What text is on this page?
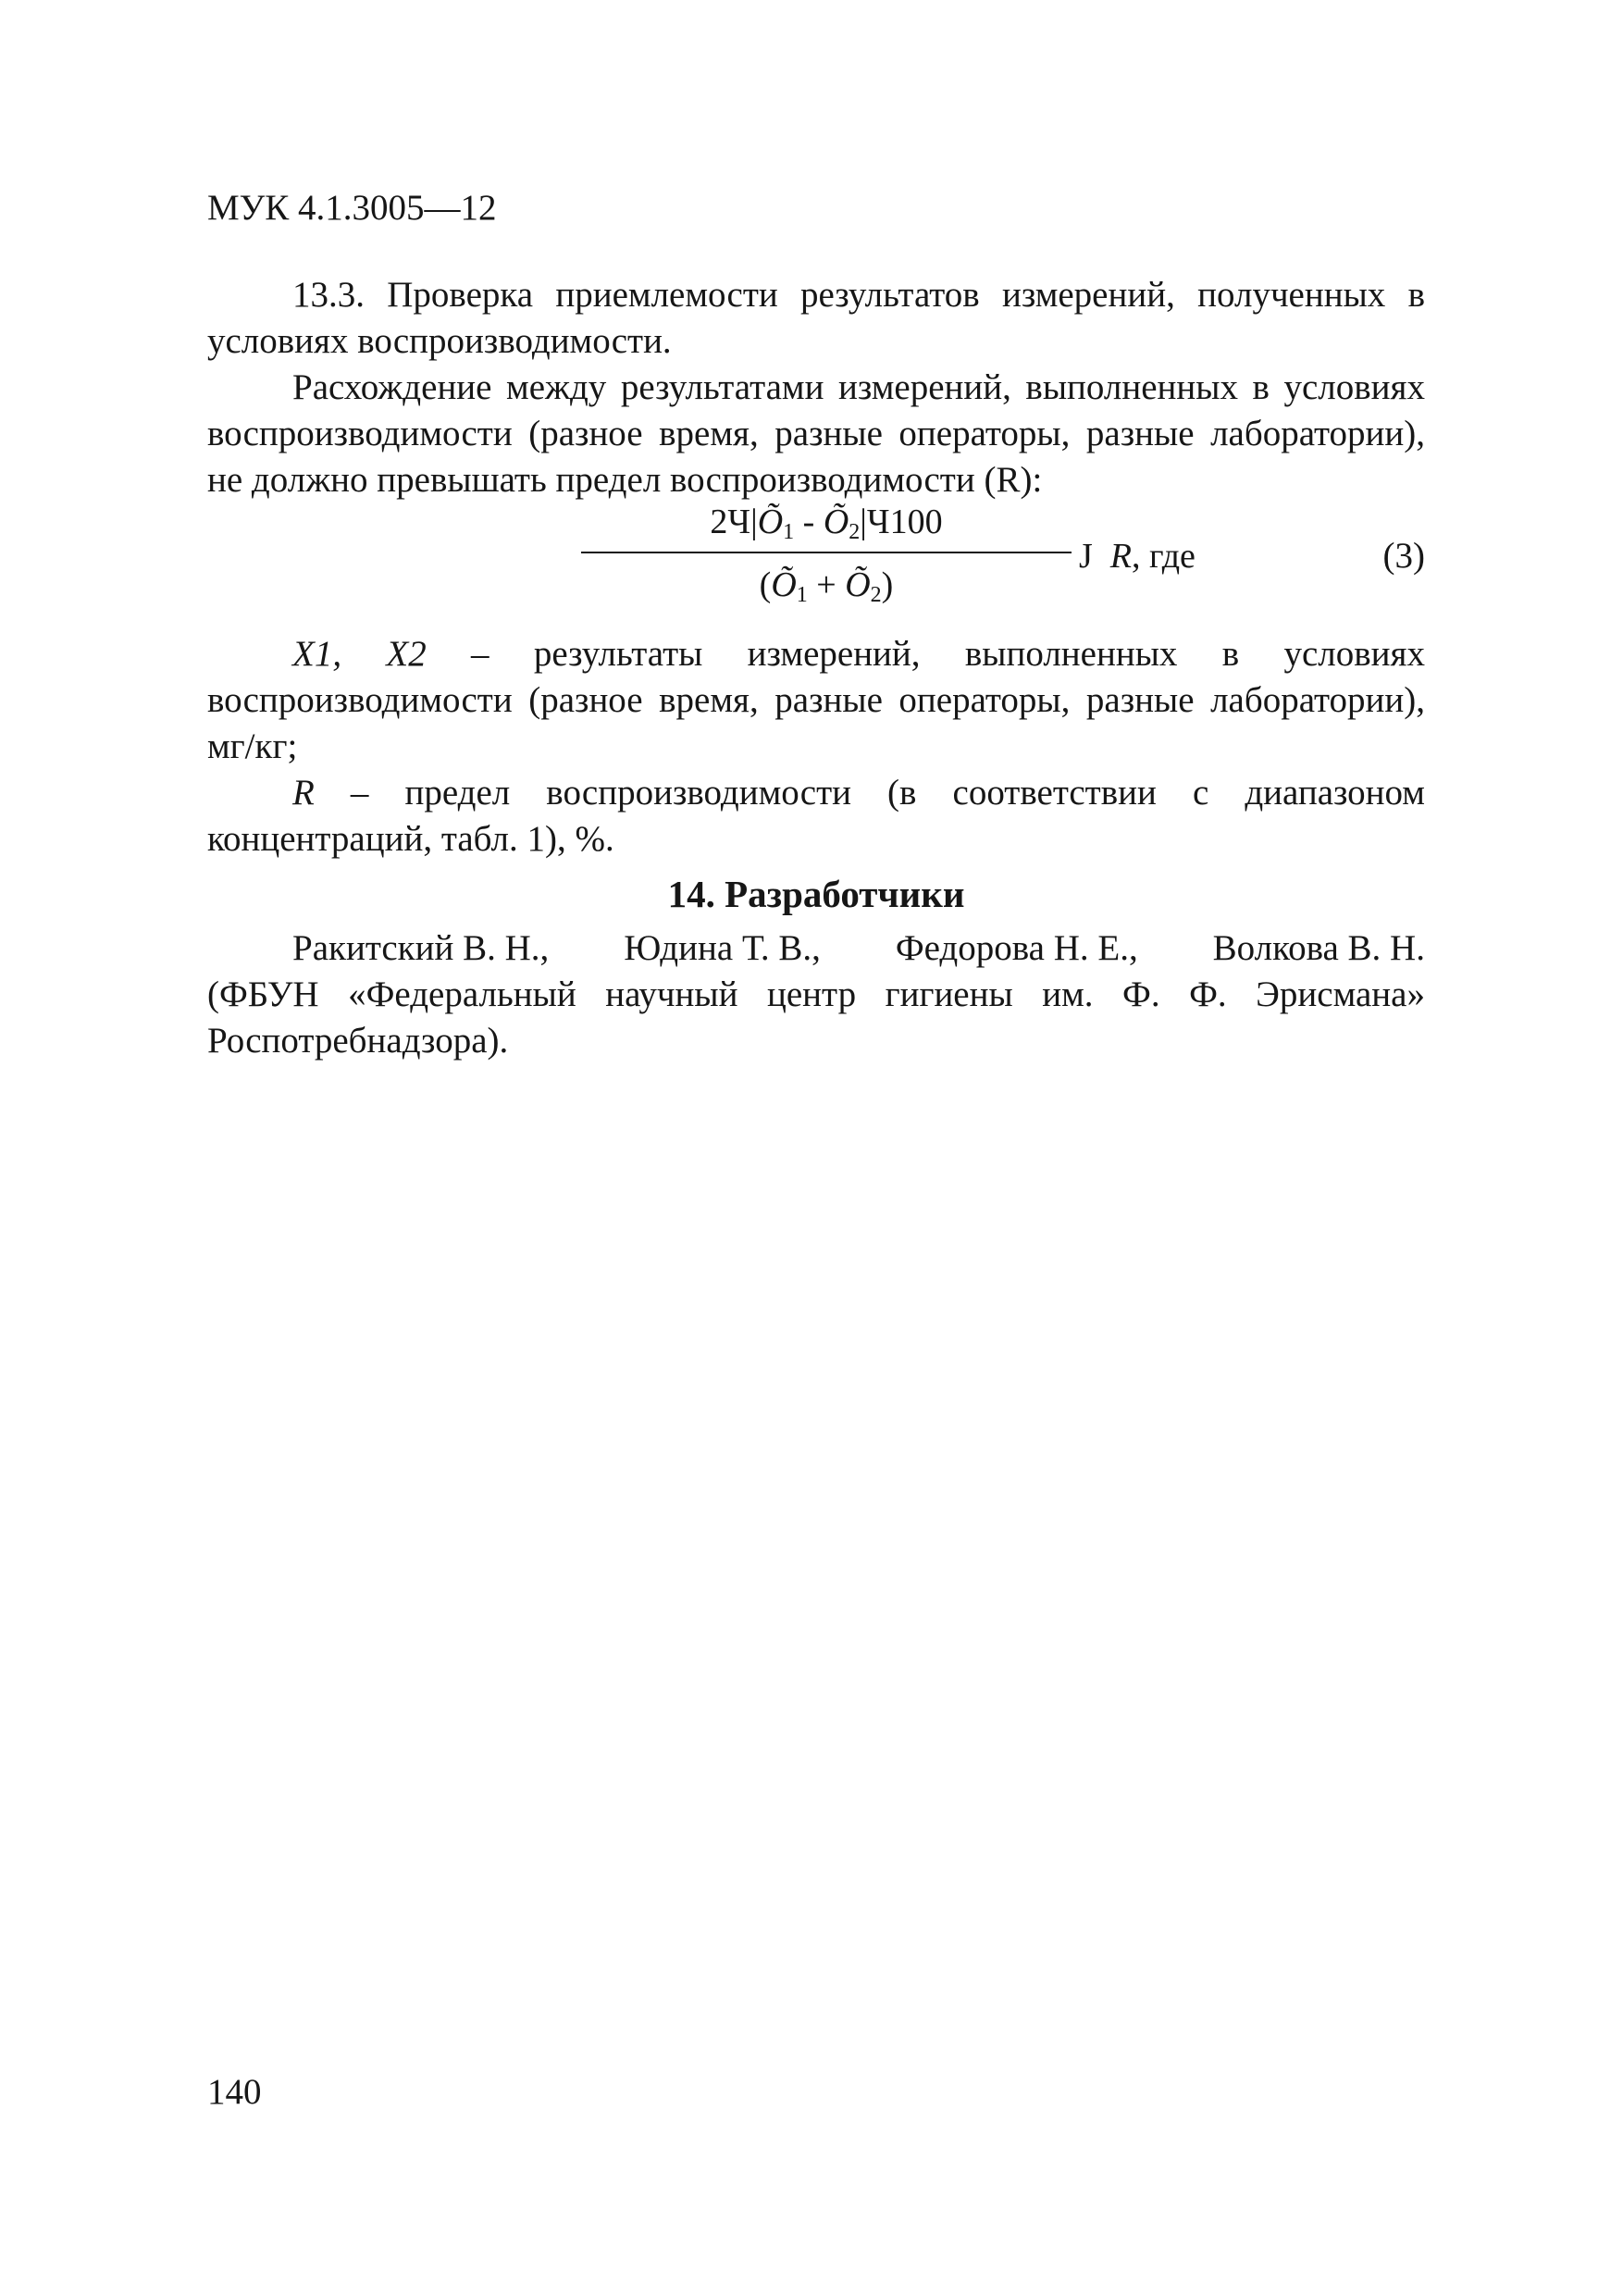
МУК 4.1.3005—12

13.3. Проверка приемлемости результатов измерений, полученных в условиях воспроизводимости.

Расхождение между результатами измерений, выполненных в условиях воспроизводимости (разное время, разные операторы, разные лаборатории), не должно превышать предел воспроизводимости (R):

$2Ч|Õ_1$ - $Õ_2|Ч100$
($Õ_1$ + $Õ_2$)
J R, где	(3)

X1, X2 – результаты измерений, выполненных в условиях воспроизводимости (разное время, разные операторы, разные лаборатории), мг/кг;

R – предел воспроизводимости (в соответствии с диапазоном концентраций, табл. 1), %.

14. Разработчики
Ракитский В. Н., Юдина Т. В., Федорова Н. Е., Волкова В. Н.

(ФБУН «Федеральный научный центр гигиены им. Ф. Ф. Эрисмана» Роспотребнадзора).

140
